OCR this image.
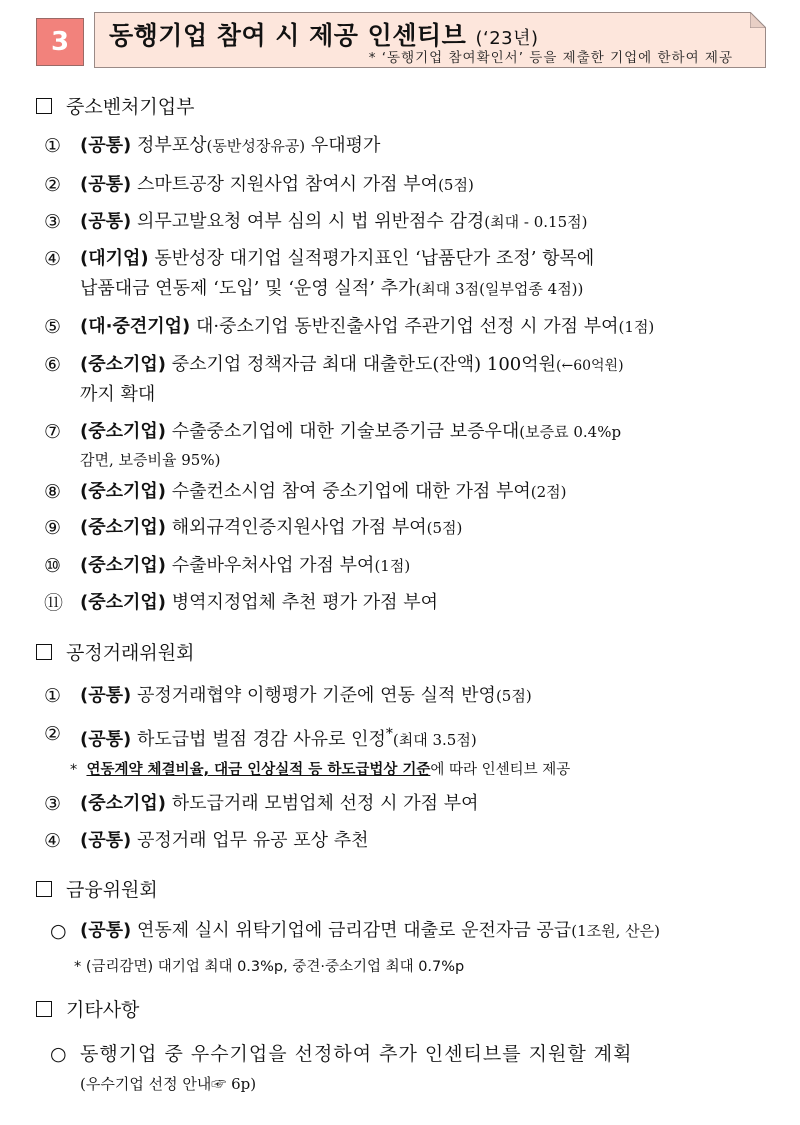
3	동행기업 참여 시 제공 인센티브 (‘23년)
* ‘동행기업 참여확인서’ 등을 제출한 기업에 한하여 제공
중소벤처기업부
①	(공통) 정부포상(동반성장유공) 우대평가
②	(공통) 스마트공장 지원사업 참여시 가점 부여(5점)
③	(공통) 의무고발요청 여부 심의 시 법 위반점수 감경(최대 ‐ 0.15점)
④	(대기업) 동반성장 대기업 실적평가지표인 ‘납품단가 조정’ 항목에
납품대금 연동제 ‘도입’ 및 ‘운영 실적’ 추가(최대 3점(일부업종 4점))
⑤	(대·중견기업) 대·중소기업 동반진출사업 주관기업 선정 시 가점 부여(1점)
⑥	(중소기업) 중소기업 정책자금 최대 대출한도(잔액) 100억원(←60억원)
까지 확대
⑦	(중소기업) 수출중소기업에 대한 기술보증기금 보증우대(보증료 0.4%p
감면, 보증비율 95%)
⑧	(중소기업) 수출컨소시엄 참여 중소기업에 대한 가점 부여(2점)
⑨	(중소기업) 해외규격인증지원사업 가점 부여(5점)
⑩	(중소기업) 수출바우처사업 가점 부여(1점)
⑪ (중소기업) 병역지정업체 추천 평가 가점 부여
공정거래위원회
①	(공통) 공정거래협약 이행평가 기준에 연동 실적 반영(5점)
②	(공통) 하도급법 벌점 경감 사유로 인정*(최대 3.5점)
* 연동계약 체결비율, 대금 인상실적 등 하도급법상 기준에 따라 인센티브 제공
③	(중소기업) 하도급거래 모범업체 선정 시 가점 부여
④	(공통) 공정거래 업무 유공 포상 추천
금융위원회
○ (공통) 연동제 실시 위탁기업에 금리감면 대출로 운전자금 공급(1조원, 산은)
* (금리감면) 대기업 최대 0.3%p, 중견·중소기업 최대 0.7%p
기타사항
○ 동행기업 중 우수기업을 선정하여 추가 인센티브를 지원할 계획
(우수기업 선정 안내☞ 6p)
